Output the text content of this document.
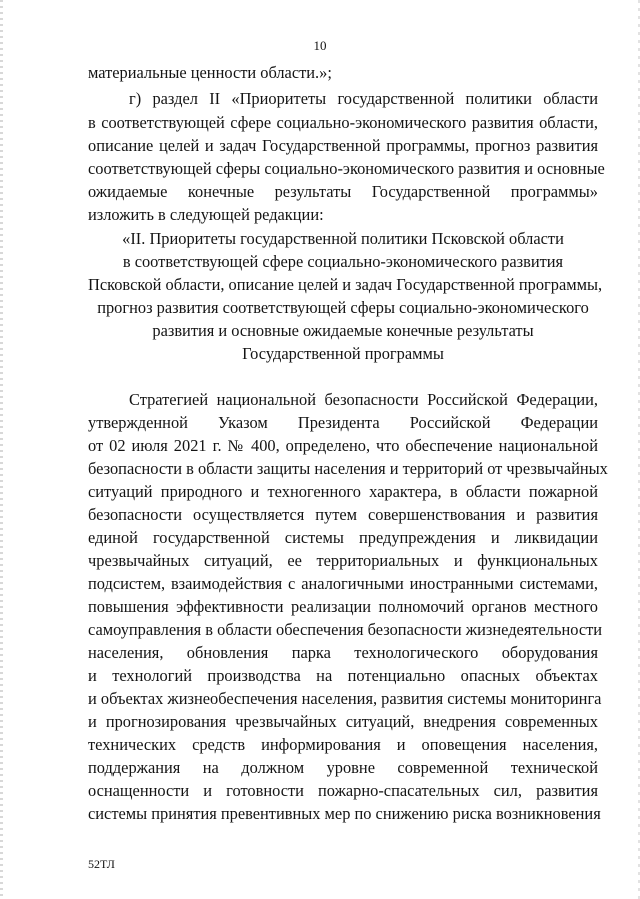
10
материальные ценности области.»;
г) раздел II «Приоритеты государственной политики области
в соответствующей сфере социально-экономического развития области,
описание целей и задач Государственной программы, прогноз развития
соответствующей сферы социально-экономического развития и основные
ожидаемые конечные результаты Государственной программы»
изложить в следующей редакции:
«II. Приоритеты государственной политики Псковской области
в соответствующей сфере социально-экономического развития
Псковской области, описание целей и задач Государственной программы,
прогноз развития соответствующей сферы социально-экономического
развития и основные ожидаемые конечные результаты
Государственной программы
Стратегией национальной безопасности Российской Федерации,
утвержденной Указом Президента Российской Федерации
от 02 июля 2021 г. № 400, определено, что обеспечение национальной
безопасности в области защиты населения и территорий от чрезвычайных
ситуаций природного и техногенного характера, в области пожарной
безопасности осуществляется путем совершенствования и развития
единой государственной системы предупреждения и ликвидации
чрезвычайных ситуаций, ее территориальных и функциональных
подсистем, взаимодействия с аналогичными иностранными системами,
повышения эффективности реализации полномочий органов местного
самоуправления в области обеспечения безопасности жизнедеятельности
населения, обновления парка технологического оборудования
и технологий производства на потенциально опасных объектах
и объектах жизнеобеспечения населения, развития системы мониторинга
и прогнозирования чрезвычайных ситуаций, внедрения современных
технических средств информирования и оповещения населения,
поддержания на должном уровне современной технической
оснащенности и готовности пожарно-спасательных сил, развития
системы принятия превентивных мер по снижению риска возникновения
52ТЛ
